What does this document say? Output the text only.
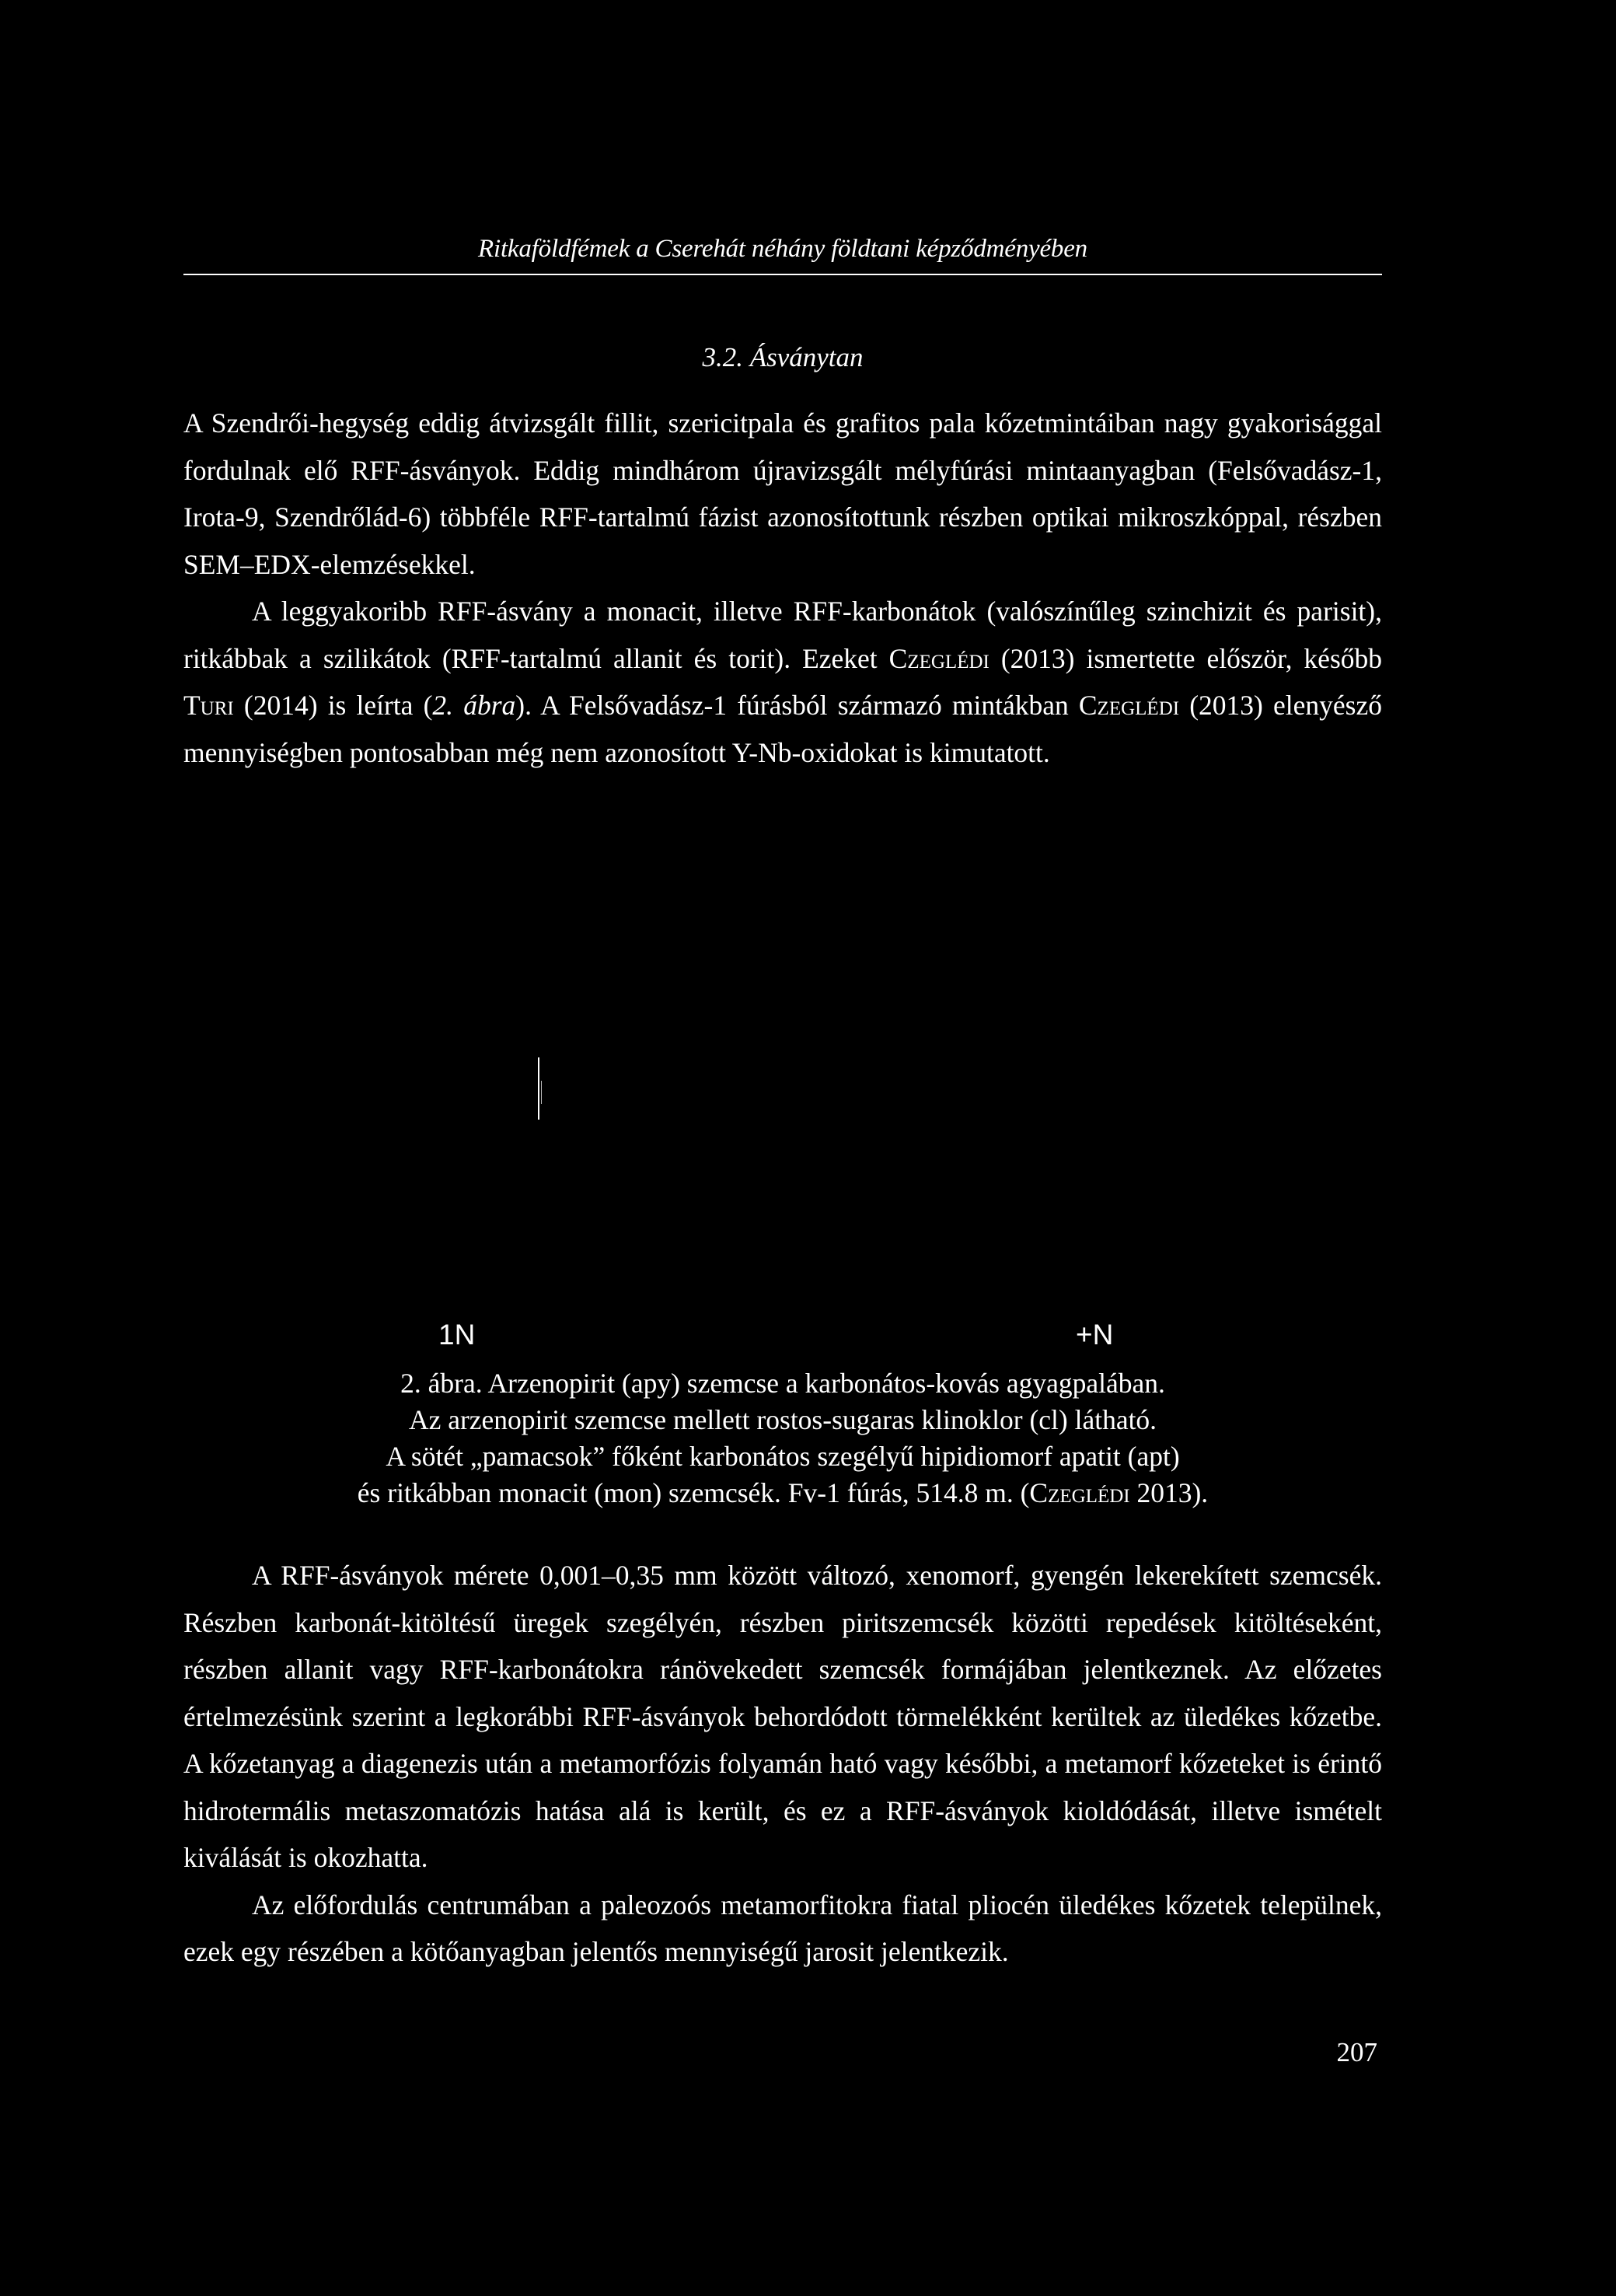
Ritkaföldfémek a Cserehát néhány földtani képződményében
3.2. Ásványtan

A Szendrői-hegység eddig átvizsgált fillit, szericitpala és grafitos pala kőzetmintáiban nagy gyakorisággal fordulnak elő RFF-ásványok. Eddig mindhárom újravizsgált mélyfúrási mintaanyagban (Felsővadász-1, Irota-9, Szendrőlád-6) többféle RFF-tartalmú fázist azonosítottunk részben optikai mikroszkóppal, részben SEM–EDX-elemzésekkel.

A leggyakoribb RFF-ásvány a monacit, illetve RFF-karbonátok (valószínűleg szinchizit és parisit), ritkábbak a szilikátok (RFF-tartalmú allanit és torit). Ezeket Czeglédi (2013) ismertette először, később Turi (2014) is leírta (2. ábra). A Felsővadász-1 fúrásból származó mintákban Czeglédi (2013) elenyésző mennyiségben pontosabban még nem azonosított Y-Nb-oxidokat is kimutatott.

1N	+N
2. ábra. Arzenopirit (apy) szemcse a karbonátos-kovás agyagpalában.
Az arzenopirit szemcse mellett rostos-sugaras klinoklor (cl) látható.
A sötét „pamacsok” főként karbonátos szegélyű hipidiomorf apatit (apt)
és ritkábban monacit (mon) szemcsék. Fv-1 fúrás, 514.8 m. (Czeglédi 2013).

A RFF-ásványok mérete 0,001–0,35 mm között változó, xenomorf, gyengén lekerekített szemcsék. Részben karbonát-kitöltésű üregek szegélyén, részben piritszemcsék közötti repedések kitöltéseként, részben allanit vagy RFF-karbonátokra ránövekedett szemcsék formájában jelentkeznek. Az előzetes értelmezésünk szerint a legkorábbi RFF-ásványok behordódott törmelékként kerültek az üledékes kőzetbe. A kőzetanyag a diagenezis után a metamorfózis folyamán ható vagy későbbi, a metamorf kőzeteket is érintő hidrotermális metaszomatózis hatása alá is került, és ez a RFF-ásványok kioldódását, illetve ismételt kiválását is okozhatta.

Az előfordulás centrumában a paleozoós metamorfitokra fiatal pliocén üledékes kőzetek települnek, ezek egy részében a kötőanyagban jelentős mennyiségű jarosit jelentkezik.

207
